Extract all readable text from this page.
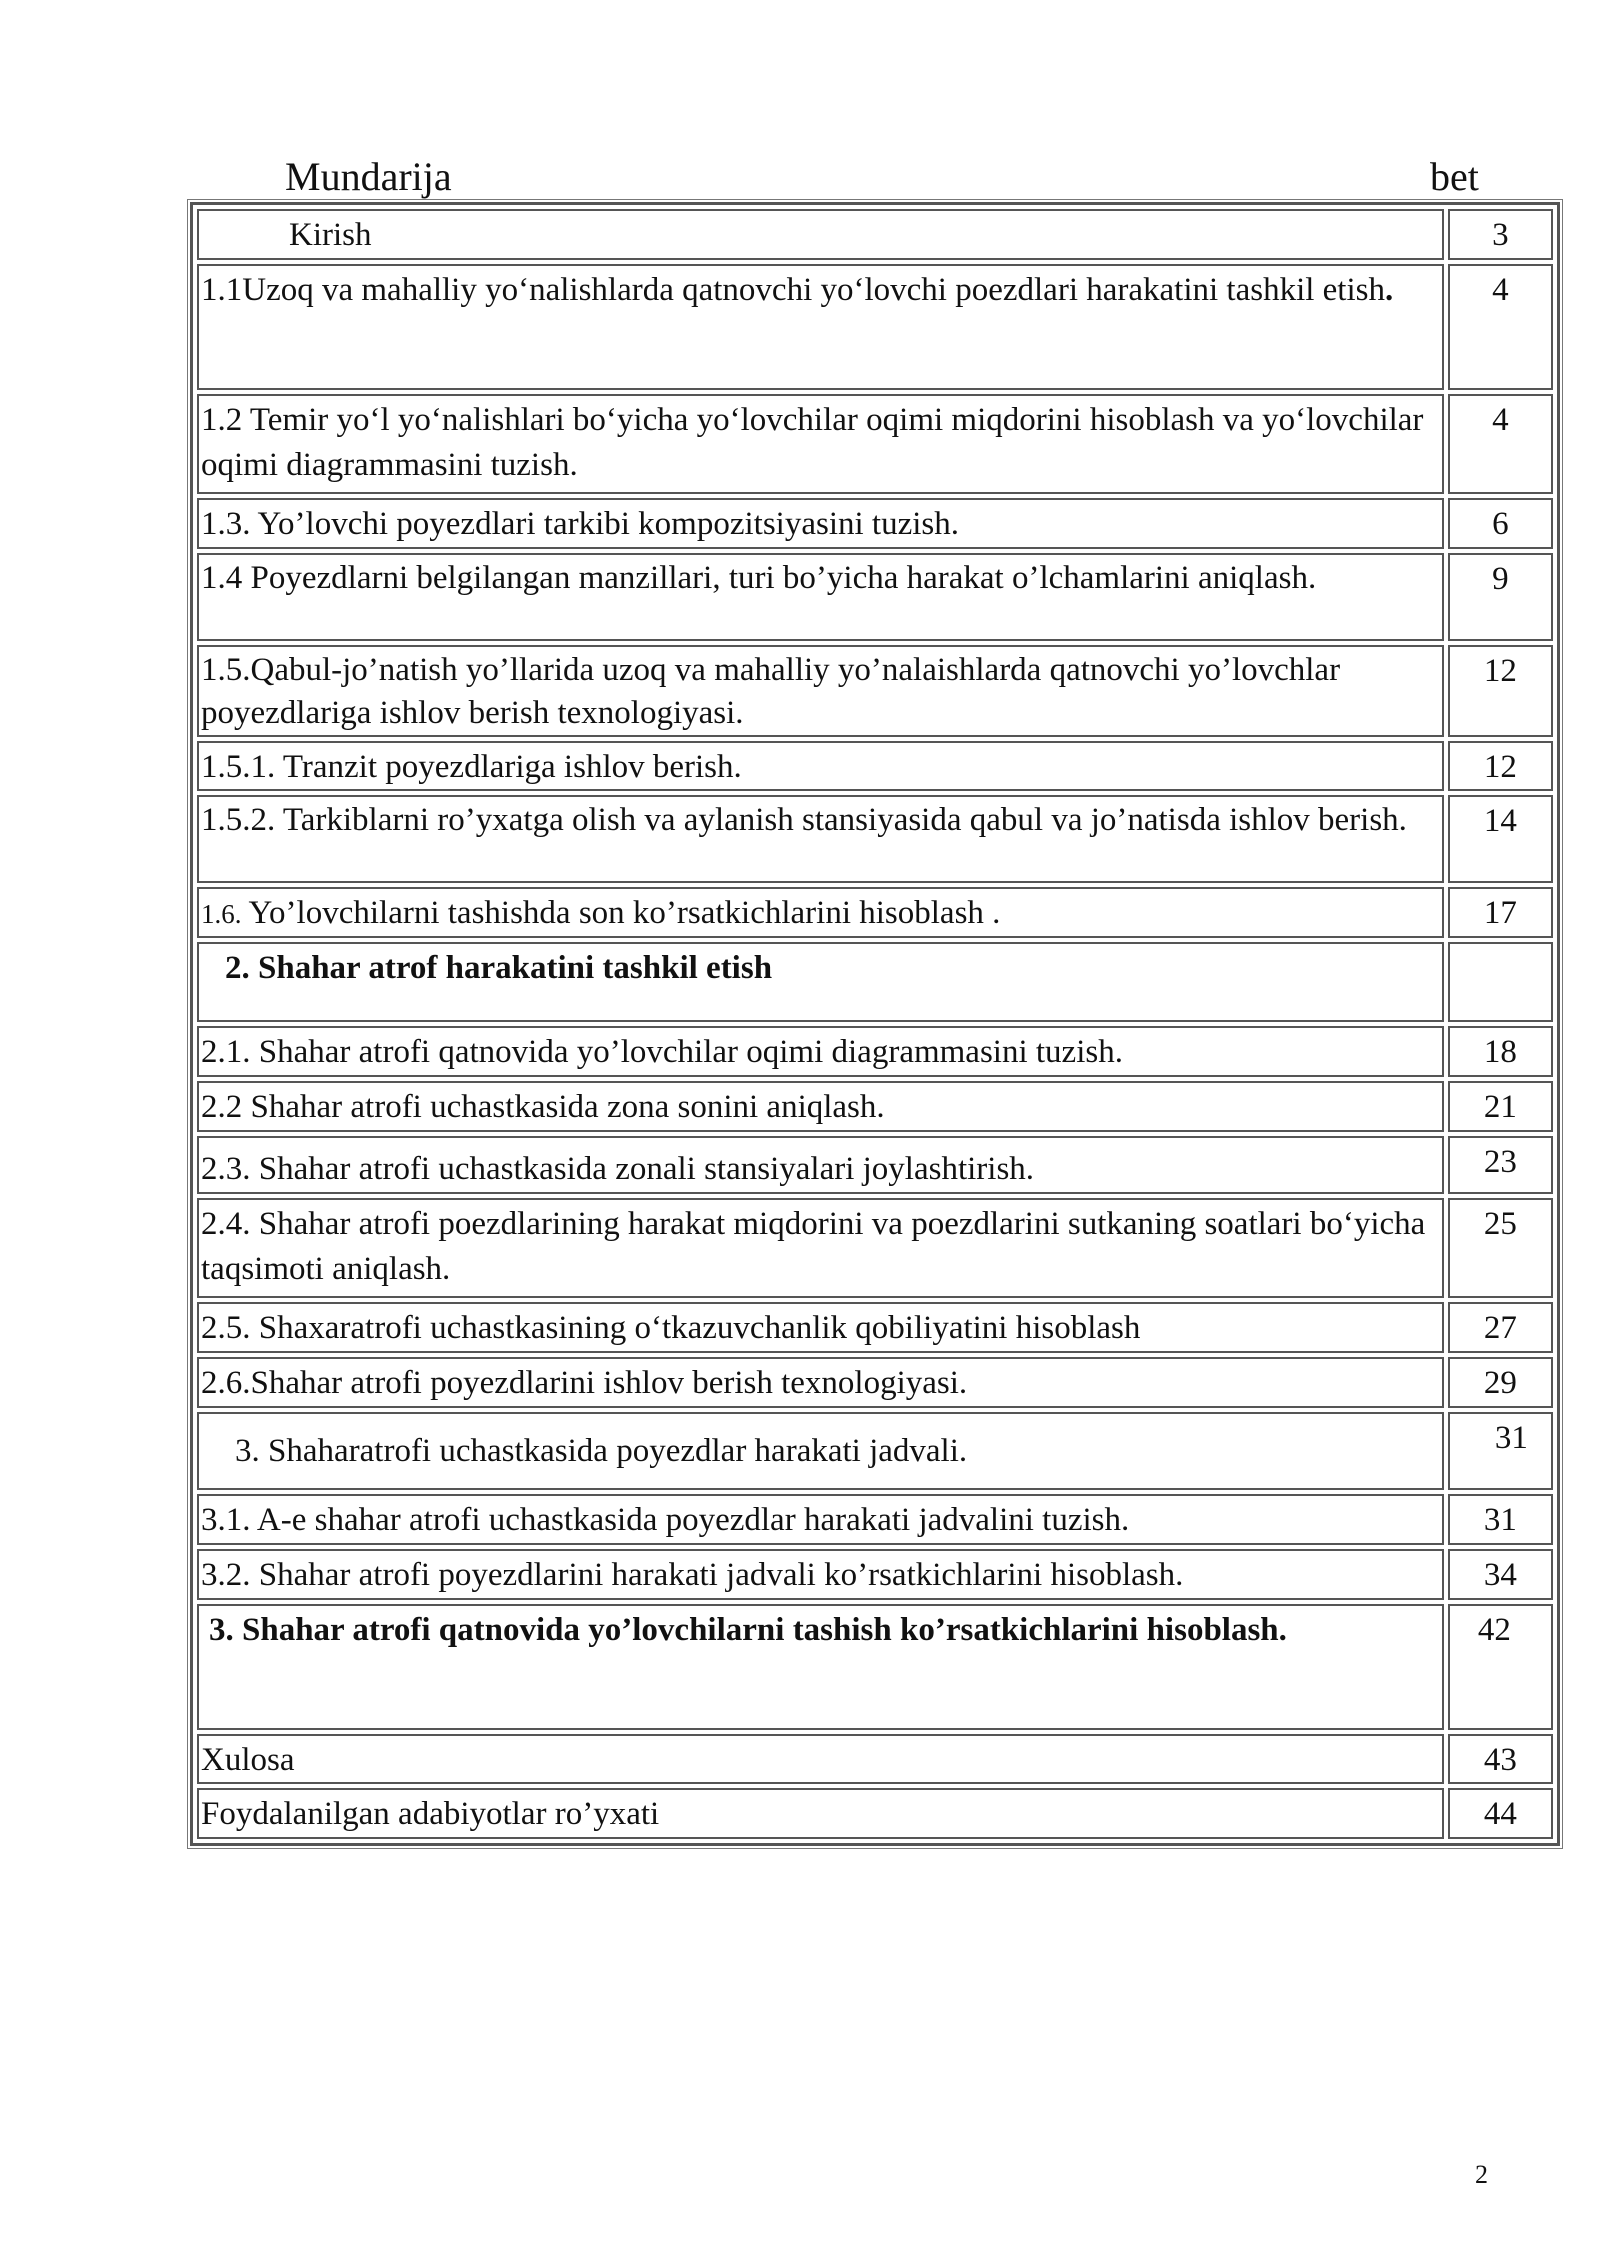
Mundarija	bet
Kirish	3
1.1Uzoq va mahalliy yo‘nalishlarda qatnovchi yo‘lovchi poezdlari harakatini tashkil etish.	4
1.2 Temir yo‘l yo‘nalishlari bo‘yicha yo‘lovchilar oqimi miqdorini hisoblash va yo‘lovchilar oqimi diagrammasini tuzish.	4
1.3. Yo’lovchi poyezdlari tarkibi kompozitsiyasini tuzish.	6
1.4 Poyezdlarni belgilangan manzillari, turi bo’yicha harakat o’lchamlarini aniqlash.	9
1.5.Qabul-jo’natish yo’llarida uzoq va mahalliy yo’nalaishlarda qatnovchi yo’lovchlar poyezdlariga ishlov berish texnologiyasi.	12
1.5.1. Tranzit poyezdlariga ishlov berish.	12
1.5.2. Tarkiblarni ro’yxatga olish va aylanish stansiyasida qabul va jo’natisda ishlov berish.	14
1.6. Yo’lovchilarni tashishda son ko’rsatkichlarini hisoblash .	17
2. Shahar atrof harakatini tashkil etish	
2.1. Shahar atrofi qatnovida yo’lovchilar oqimi diagrammasini tuzish.	18
2.2 Shahar atrofi uchastkasida zona sonini aniqlash.	21
2.3. Shahar atrofi uchastkasida zonali stansiyalari joylashtirish.	23
2.4. Shahar atrofi poezdlarining harakat miqdorini va poezdlarini sutkaning soatlari bo‘yicha taqsimoti aniqlash.	25
2.5. Shaxaratrofi uchastkasining o‘tkazuvchanlik qobiliyatini hisoblash	27
2.6.Shahar atrofi poyezdlarini ishlov berish texnologiyasi.	29
3. Shaharatrofi uchastkasida poyezdlar harakati jadvali.	31
3.1. A-e shahar atrofi uchastkasida poyezdlar harakati jadvalini tuzish.	31
3.2. Shahar atrofi poyezdlarini harakati jadvali ko’rsatkichlarini hisoblash.	34

3. Shahar atrofi qatnovida yo’lovchilarni tashish ko’rsatkichlarini hisoblash.	42
Xulosa	43
Foydalanilgan adabiyotlar ro’yxati	44
2
